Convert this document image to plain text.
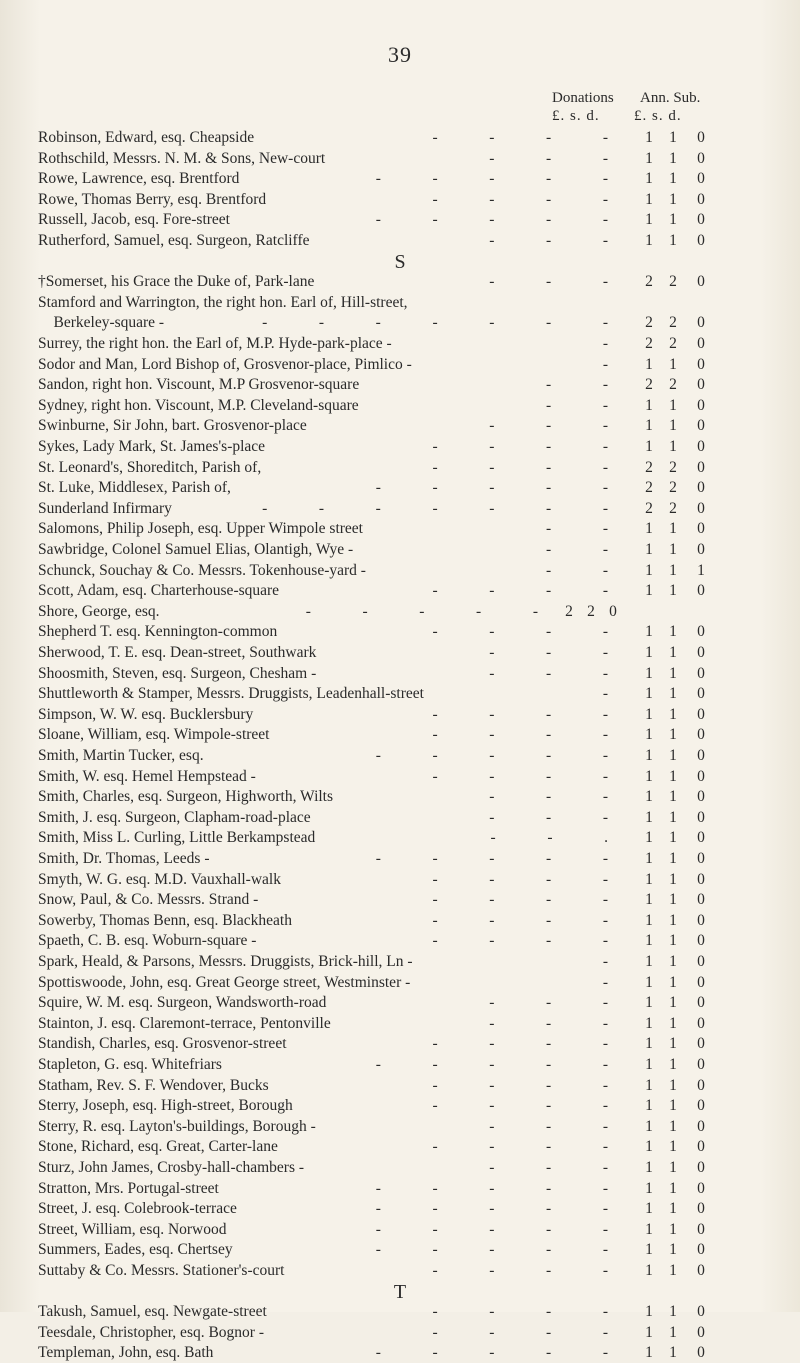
39
Donations Ann. Sub.
£. s. d. £. s. d.
Robinson, Edward, esq. Cheapside	-   -   -   - 1 1 0
Rothschild, Messrs. N. M. & Sons, New-court	-   -   - 1 1 0
Rowe, Lawrence, esq. Brentford	-   -   -   -   - 1 1 0
Rowe, Thomas Berry, esq. Brentford	-   -   -   - 1 1 0
Russell, Jacob, esq. Fore-street	-   -   -   -   - 1 1 0
Rutherford, Samuel, esq. Surgeon, Ratcliffe	-   -   - 1 1 0
S
†Somerset, his Grace the Duke of, Park-lane	-   -   - 2 2 0
Stamford and Warrington, the right hon. Earl of, Hill-street,
Berkeley-square -	-   -   -   -   -   -   - 2 2 0
Surrey, the right hon. the Earl of, M.P. Hyde-park-place -	- 2 2 0
Sodor and Man, Lord Bishop of, Grosvenor-place, Pimlico -	- 1 1 0
Sandon, right hon. Viscount, M.P Grosvenor-square	-   - 2 2 0
Sydney, right hon. Viscount, M.P. Cleveland-square	-   - 1 1 0
Swinburne, Sir John, bart. Grosvenor-place	-   -   - 1 1 0
Sykes, Lady Mark, St. James's-place	-   -   -   - 1 1 0
St. Leonard's, Shoreditch, Parish of,	-   -   -   - 2 2 0
St. Luke, Middlesex, Parish of,	-   -   -   -   - 2 2 0
Sunderland Infirmary	-   -   -   -   -   -   - 2 2 0
Salomons, Philip Joseph, esq. Upper Wimpole street	-   - 1 1 0
Sawbridge, Colonel Samuel Elias, Olantigh, Wye -	-   - 1 1 0
Schunck, Souchay & Co. Messrs. Tokenhouse-yard -	-   - 1 1 1
Scott, Adam, esq. Charterhouse-square	-   -   -   - 1 1 0
Shore, George, esq.	-   -   -   -   - 2 2 0
Shepherd T. esq. Kennington-common	-   -   -   - 1 1 0
Sherwood, T. E. esq. Dean-street, Southwark	-   -   - 1 1 0
Shoosmith, Steven, esq. Surgeon, Chesham -	-   -   - 1 1 0
Shuttleworth & Stamper, Messrs. Druggists, Leadenhall-street	- 1 1 0
Simpson, W. W. esq. Bucklersbury	-   -   -   - 1 1 0
Sloane, William, esq. Wimpole-street	-   -   -   - 1 1 0
Smith, Martin Tucker, esq.	-   -   -   -   - 1 1 0
Smith, W. esq. Hemel Hempstead -	-   -   -   - 1 1 0
Smith, Charles, esq. Surgeon, Highworth, Wilts	-   -   - 1 1 0
Smith, J. esq. Surgeon, Clapham-road-place	-   -   - 1 1 0
Smith, Miss L. Curling, Little Berkampstead	-   -   . 1 1 0
Smith, Dr. Thomas, Leeds -	-   -   -   -   - 1 1 0
Smyth, W. G. esq. M.D. Vauxhall-walk	-   -   -   - 1 1 0
Snow, Paul, & Co. Messrs. Strand -	-   -   -   - 1 1 0
Sowerby, Thomas Benn, esq. Blackheath	-   -   -   - 1 1 0
Spaeth, C. B. esq. Woburn-square -	-   -   -   - 1 1 0
Spark, Heald, & Parsons, Messrs. Druggists, Brick-hill, Ln -	- 1 1 0
Spottiswoode, John, esq. Great George street, Westminster -	- 1 1 0
Squire, W. M. esq. Surgeon, Wandsworth-road	-   -   - 1 1 0
Stainton, J. esq. Claremont-terrace, Pentonville	-   -   - 1 1 0
Standish, Charles, esq. Grosvenor-street	-   -   -   - 1 1 0
Stapleton, G. esq. Whitefriars	-   -   -   -   - 1 1 0
Statham, Rev. S. F. Wendover, Bucks	-   -   -   - 1 1 0
Sterry, Joseph, esq. High-street, Borough	-   -   -   - 1 1 0
Sterry, R. esq. Layton's-buildings, Borough -	-   -   - 1 1 0
Stone, Richard, esq. Great, Carter-lane	-   -   -   - 1 1 0
Sturz, John James, Crosby-hall-chambers -	-   -   - 1 1 0
Stratton, Mrs. Portugal-street	-   -   -   -   - 1 1 0
Street, J. esq. Colebrook-terrace	-   -   -   -   - 1 1 0
Street, William, esq. Norwood	-   -   -   -   - 1 1 0
Summers, Eades, esq. Chertsey	-   -   -   -   - 1 1 0
Suttaby & Co. Messrs. Stationer's-court	-   -   -   - 1 1 0
T
Takush, Samuel, esq. Newgate-street	-   -   -   - 1 1 0
Teesdale, Christopher, esq. Bognor -	-   -   -   - 1 1 0
Templeman, John, esq. Bath	-   -   -   -   - 1 1 0
